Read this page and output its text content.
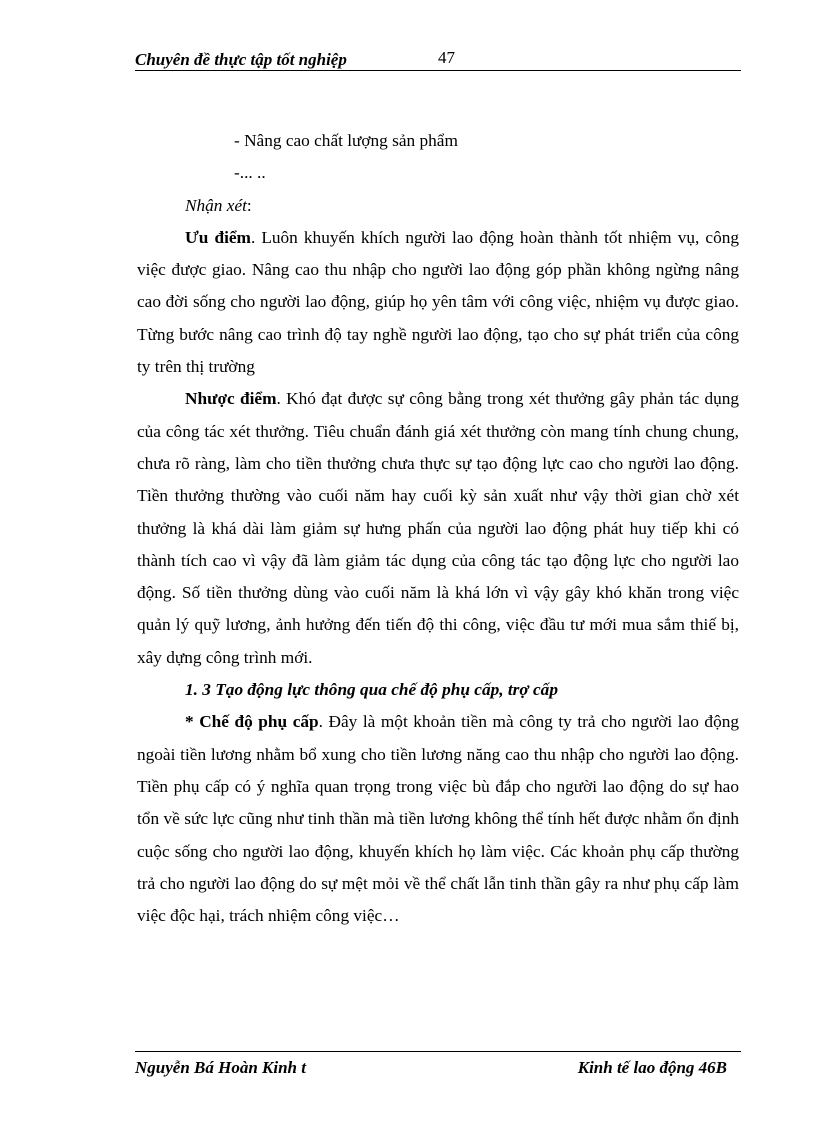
Chuyên đề thực tập tốt nghiệp	47

- Nâng cao chất lượng sản phẩm

-... ..

Nhận xét:

Ưu điểm. Luôn khuyến khích người lao động hoàn thành tốt nhiệm vụ, công việc được giao. Nâng cao thu nhập cho người lao động góp phần không ngừng nâng cao đời sống cho người lao động, giúp họ yên tâm với công việc, nhiệm vụ được giao. Từng bước nâng cao trình độ tay nghề người lao động, tạo cho sự phát triển của công ty trên thị trường

Nhược điểm. Khó đạt được sự công bằng trong xét thưởng gây phản tác dụng của công tác xét thưởng. Tiêu chuẩn đánh giá xét thưởng còn mang tính chung chung, chưa rõ ràng, làm cho tiền thưởng chưa thực sự tạo động lực cao cho người lao động. Tiền thưởng thường vào cuối năm hay cuối kỳ sản xuất như vậy thời gian chờ xét thưởng là khá dài làm giảm sự hưng phấn của người lao động phát huy tiếp khi có thành tích cao vì vậy đã làm giảm tác dụng của công tác tạo động lực cho người lao động. Số tiền thưởng dùng vào cuối năm là khá lớn vì vậy gây khó khăn trong việc quản lý quỹ lương, ảnh hưởng đến tiến độ thi công, việc đầu tư mới mua sắm thiế bị, xây dựng công trình mới.

1. 3 Tạo động lực thông qua chế độ phụ cấp, trợ cấp

* Chế độ phụ cấp. Đây là một khoản tiền mà công ty trả cho người lao động ngoài tiền lương nhằm bổ xung cho tiền lương năng cao thu nhập cho người lao động. Tiền phụ cấp có ý nghĩa quan trọng trong việc bù đắp cho người lao động do sự hao tổn về sức lực cũng như tinh thần mà tiền lương không thể tính hết được nhằm ổn định cuộc sống cho người lao động, khuyến khích họ làm việc. Các khoản phụ cấp thường trả cho người lao động do sự mệt mỏi về thể chất lẫn tinh thần gây ra như phụ cấp làm việc độc hại, trách nhiệm công việc…

Nguyễn Bá Hoàn Kinh t	Kinh tế lao động 46B
